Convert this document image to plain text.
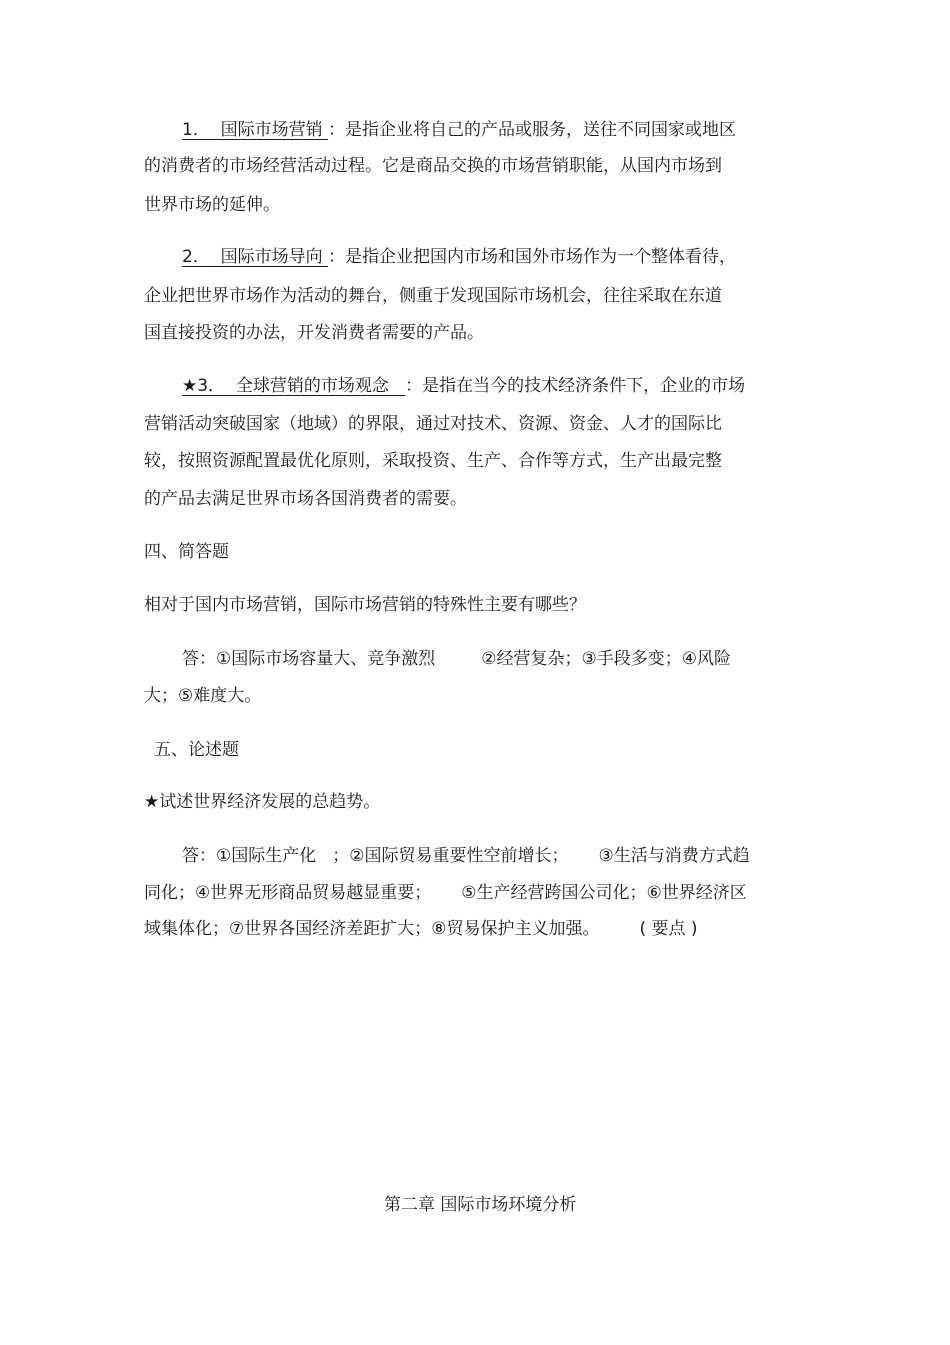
1． 国际市场营销 ：是指企业将自己的产品或服务，送往不同国家或地区
的消费者的市场经营活动过程。它是商品交换的市场营销职能，从国内市场到
世界市场的延伸。
2． 国际市场导向 ：是指企业把国内市场和国外市场作为一个整体看待，
企业把世界市场作为活动的舞台，侧重于发现国际市场机会，往往采取在东道
国直接投资的办法，开发消费者需要的产品。
★3． 全球营销的市场观念 ：是指在当今的技术经济条件下，企业的市场
营销活动突破国家（地域）的界限，通过对技术、资源、资金、人才的国际比
较，按照资源配置最优化原则，采取投资、生产、合作等方式，生产出最完整
的产品去满足世界市场各国消费者的需要。
四、简答题
相对于国内市场营销，国际市场营销的特殊性主要有哪些？
答：①国际市场容量大、竞争激烈	②经营复杂；③手段多变；④风险
大；⑤难度大。
五、论述题
★试述世界经济发展的总趋势。
答：①国际生产化 ；②国际贸易重要性空前增长； ③生活与消费方式趋
同化；④世界无形商品贸易越显重要； ⑤生产经营跨国公司化；⑥世界经济区
域集体化；⑦世界各国经济差距扩大；⑧贸易保护主义加强。 ( 要点 )
第二章 国际市场环境分析
